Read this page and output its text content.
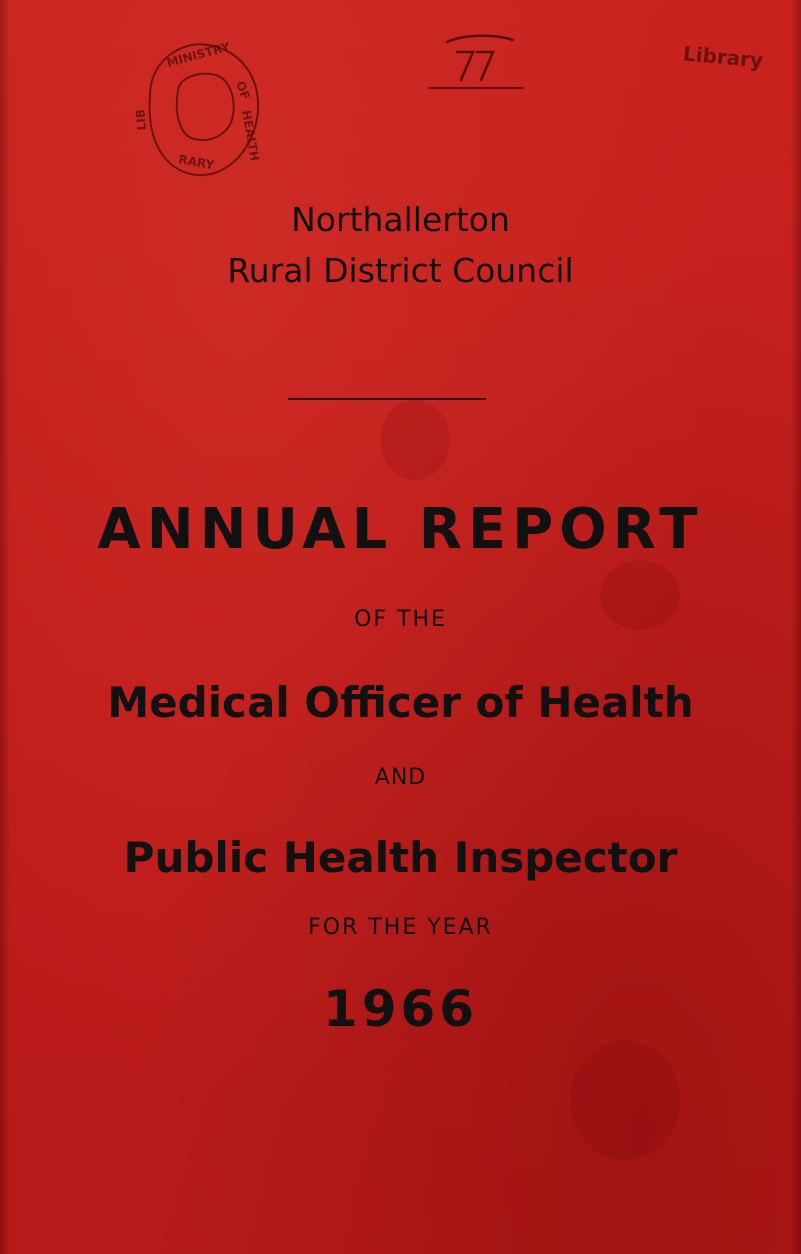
MINISTRY
OF
HEALTH
LIB
RARY
Library
Northallerton
Rural District Council
ANNUAL REPORT
OF THE
Medical Officer of Health
AND
Public Health Inspector
FOR THE YEAR
1966
